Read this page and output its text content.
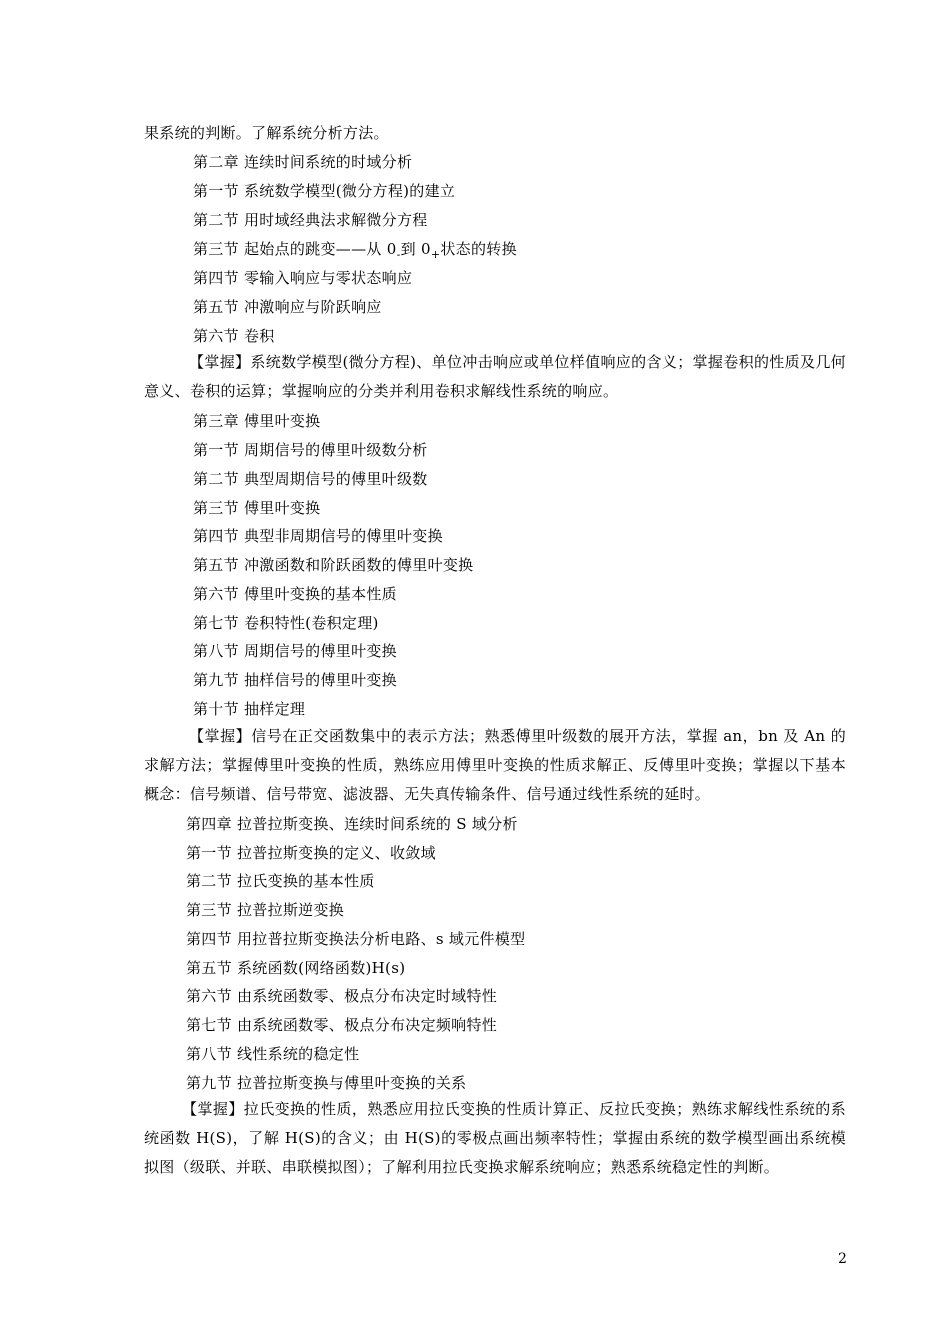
果系统的判断。了解系统分析方法。
第二章 连续时间系统的时域分析
第一节 系统数学模型(微分方程)的建立
第二节 用时域经典法求解微分方程
第三节 起始点的跳变——从 $0_-$到 $0_+$状态的转换
第四节 零输入响应与零状态响应
第五节 冲激响应与阶跃响应
第六节 卷积
【掌握】系统数学模型(微分方程)、单位冲击响应或单位样值响应的含义；掌握卷积的性质及几何意义、卷积的运算；掌握响应的分类并利用卷积求解线性系统的响应。
第三章 傅里叶变换
第一节 周期信号的傅里叶级数分析
第二节 典型周期信号的傅里叶级数
第三节 傅里叶变换
第四节 典型非周期信号的傅里叶变换
第五节 冲激函数和阶跃函数的傅里叶变换
第六节 傅里叶变换的基本性质
第七节 卷积特性(卷积定理)
第八节 周期信号的傅里叶变换
第九节 抽样信号的傅里叶变换
第十节 抽样定理
【掌握】信号在正交函数集中的表示方法；熟悉傅里叶级数的展开方法，掌握 an，bn 及 An 的求解方法；掌握傅里叶变换的性质，熟练应用傅里叶变换的性质求解正、反傅里叶变换；掌握以下基本概念：信号频谱、信号带宽、滤波器、无失真传输条件、信号通过线性系统的延时。
第四章 拉普拉斯变换、连续时间系统的 S 域分析
第一节 拉普拉斯变换的定义、收敛域
第二节 拉氏变换的基本性质
第三节 拉普拉斯逆变换
第四节 用拉普拉斯变换法分析电路、s 域元件模型
第五节 系统函数(网络函数)H(s)
第六节 由系统函数零、极点分布决定时域特性
第七节 由系统函数零、极点分布决定频响特性
第八节 线性系统的稳定性
第九节 拉普拉斯变换与傅里叶变换的关系
【掌握】拉氏变换的性质，熟悉应用拉氏变换的性质计算正、反拉氏变换；熟练求解线性系统的系统函数 H(S)，了解 H(S)的含义；由 H(S)的零极点画出频率特性；掌握由系统的数学模型画出系统模拟图（级联、并联、串联模拟图）；了解利用拉氏变换求解系统响应；熟悉系统稳定性的判断。
2
